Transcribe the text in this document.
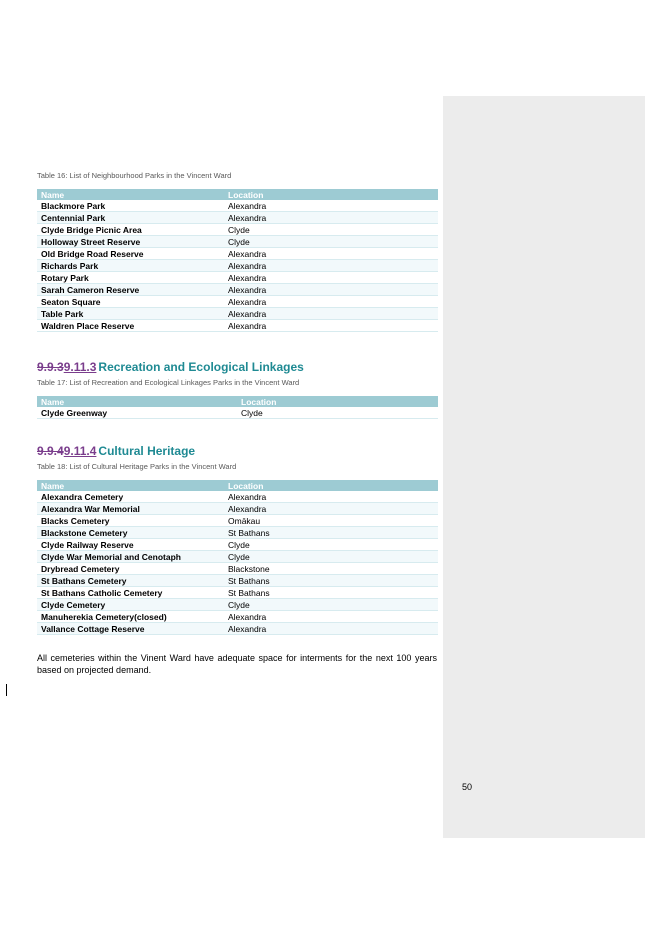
Table 16: List of Neighbourhood Parks in the Vincent Ward
Name	Location
Blackmore Park	Alexandra
Centennial Park	Alexandra
Clyde Bridge Picnic Area	Clyde
Holloway Street Reserve	Clyde
Old Bridge Road Reserve	Alexandra
Richards Park	Alexandra
Rotary Park	Alexandra
Sarah Cameron Reserve	Alexandra
Seaton Square	Alexandra
Table Park	Alexandra
Waldren Place Reserve	Alexandra
9.9.39.11.3 Recreation and Ecological Linkages
Table 17: List of Recreation and Ecological Linkages Parks in the Vincent Ward
Name	Location
Clyde Greenway	Clyde
9.9.49.11.4 Cultural Heritage
Table 18: List of Cultural Heritage Parks in the Vincent Ward
Name	Location
Alexandra Cemetery	Alexandra
Alexandra War Memorial	Alexandra
Blacks Cemetery	Omākau
Blackstone Cemetery	St Bathans
Clyde Railway Reserve	Clyde
Clyde War Memorial and Cenotaph	Clyde
Drybread Cemetery	Blackstone
St Bathans Cemetery	St Bathans
St Bathans Catholic Cemetery	St Bathans
Clyde Cemetery	Clyde
Manuherekia Cemetery(closed)	Alexandra
Vallance Cottage Reserve	Alexandra
All cemeteries within the Vinent Ward have adequate space for interments for the next 100 years based on projected demand.
50
